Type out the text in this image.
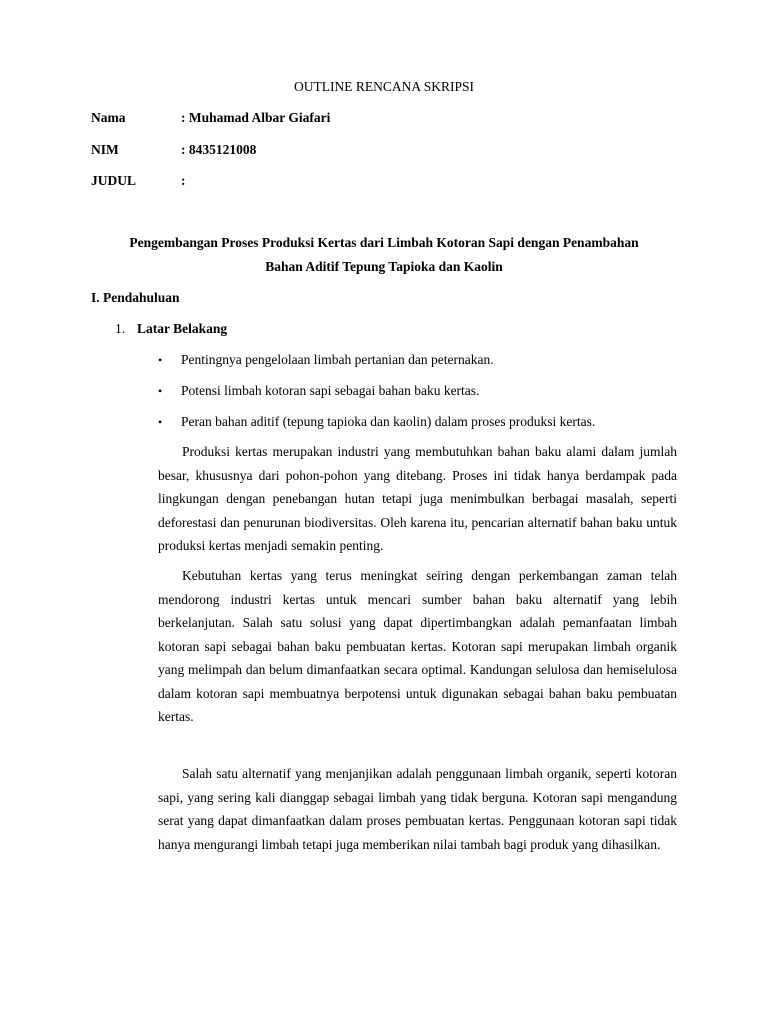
OUTLINE RENCANA SKRIPSI
Nama	: Muhamad Albar Giafari
NIM	: 8435121008
JUDUL	:
Pengembangan Proses Produksi Kertas dari Limbah Kotoran Sapi dengan Penambahan
Bahan Aditif Tepung Tapioka dan Kaolin
I. Pendahuluan
1. Latar Belakang
• Pentingnya pengelolaan limbah pertanian dan peternakan.
• Potensi limbah kotoran sapi sebagai bahan baku kertas.
• Peran bahan aditif (tepung tapioka dan kaolin) dalam proses produksi kertas.
Produksi kertas merupakan industri yang membutuhkan bahan baku alami dalam jumlah besar, khususnya dari pohon-pohon yang ditebang. Proses ini tidak hanya berdampak pada lingkungan dengan penebangan hutan tetapi juga menimbulkan berbagai masalah, seperti deforestasi dan penurunan biodiversitas. Oleh karena itu, pencarian alternatif bahan baku untuk produksi kertas menjadi semakin penting.
Kebutuhan kertas yang terus meningkat seiring dengan perkembangan zaman telah mendorong industri kertas untuk mencari sumber bahan baku alternatif yang lebih berkelanjutan. Salah satu solusi yang dapat dipertimbangkan adalah pemanfaatan limbah kotoran sapi sebagai bahan baku pembuatan kertas. Kotoran sapi merupakan limbah organik yang melimpah dan belum dimanfaatkan secara optimal. Kandungan selulosa dan hemiselulosa dalam kotoran sapi membuatnya berpotensi untuk digunakan sebagai bahan baku pembuatan kertas.
Salah satu alternatif yang menjanjikan adalah penggunaan limbah organik, seperti kotoran sapi, yang sering kali dianggap sebagai limbah yang tidak berguna. Kotoran sapi mengandung serat yang dapat dimanfaatkan dalam proses pembuatan kertas. Penggunaan kotoran sapi tidak hanya mengurangi limbah tetapi juga memberikan nilai tambah bagi produk yang dihasilkan.
